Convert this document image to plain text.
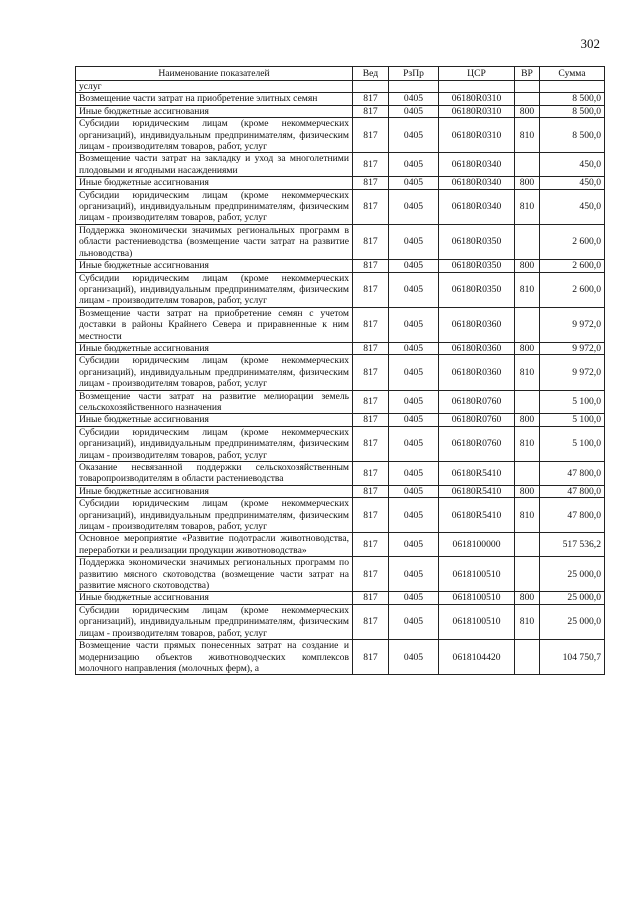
302
Наименование показателей	Вед	РзПр	ЦСР	ВР	Сумма
услуг					
Возмещение части затрат на приобретение элитных семян	817	0405	06180R0310		8 500,0
Иные бюджетные ассигнования	817	0405	06180R0310	800	8 500,0
Субсидии юридическим лицам (кроме некоммерческих организаций), индивидуальным предпринимателям, физическим лицам - производителям товаров, работ, услуг	817	0405	06180R0310	810	8 500,0
Возмещение части затрат на закладку и уход за многолетними плодовыми и ягодными насаждениями	817	0405	06180R0340		450,0
Иные бюджетные ассигнования	817	0405	06180R0340	800	450,0
Субсидии юридическим лицам (кроме некоммерческих организаций), индивидуальным предпринимателям, физическим лицам - производителям товаров, работ, услуг	817	0405	06180R0340	810	450,0
Поддержка экономически значимых региональных программ в области растениеводства (возмещение части затрат на развитие льноводства)	817	0405	06180R0350		2 600,0
Иные бюджетные ассигнования	817	0405	06180R0350	800	2 600,0
Субсидии юридическим лицам (кроме некоммерческих организаций), индивидуальным предпринимателям, физическим лицам - производителям товаров, работ, услуг	817	0405	06180R0350	810	2 600,0
Возмещение части затрат на приобретение семян с учетом доставки в районы Крайнего Севера и приравненные к ним местности	817	0405	06180R0360		9 972,0
Иные бюджетные ассигнования	817	0405	06180R0360	800	9 972,0
Субсидии юридическим лицам (кроме некоммерческих организаций), индивидуальным предпринимателям, физическим лицам - производителям товаров, работ, услуг	817	0405	06180R0360	810	9 972,0
Возмещение части затрат на развитие мелиорации земель сельскохозяйственного назначения	817	0405	06180R0760		5 100,0
Иные бюджетные ассигнования	817	0405	06180R0760	800	5 100,0
Субсидии юридическим лицам (кроме некоммерческих организаций), индивидуальным предпринимателям, физическим лицам - производителям товаров, работ, услуг	817	0405	06180R0760	810	5 100,0
Оказание несвязанной поддержки сельскохозяйственным товаропроизводителям в области растениеводства	817	0405	06180R5410		47 800,0
Иные бюджетные ассигнования	817	0405	06180R5410	800	47 800,0
Субсидии юридическим лицам (кроме некоммерческих организаций), индивидуальным предпринимателям, физическим лицам - производителям товаров, работ, услуг	817	0405	06180R5410	810	47 800,0
Основное мероприятие «Развитие подотрасли животноводства, переработки и реализации продукции животноводства»	817	0405	0618100000		517 536,2
Поддержка экономически значимых региональных программ по развитию мясного скотоводства (возмещение части затрат на развитие мясного скотоводства)	817	0405	0618100510		25 000,0
Иные бюджетные ассигнования	817	0405	0618100510	800	25 000,0
Субсидии юридическим лицам (кроме некоммерческих организаций), индивидуальным предпринимателям, физическим лицам - производителям товаров, работ, услуг	817	0405	0618100510	810	25 000,0
Возмещение части прямых понесенных затрат на создание и модернизацию объектов животноводческих комплексов молочного направления (молочных ферм), а	817	0405	0618104420		104 750,7
